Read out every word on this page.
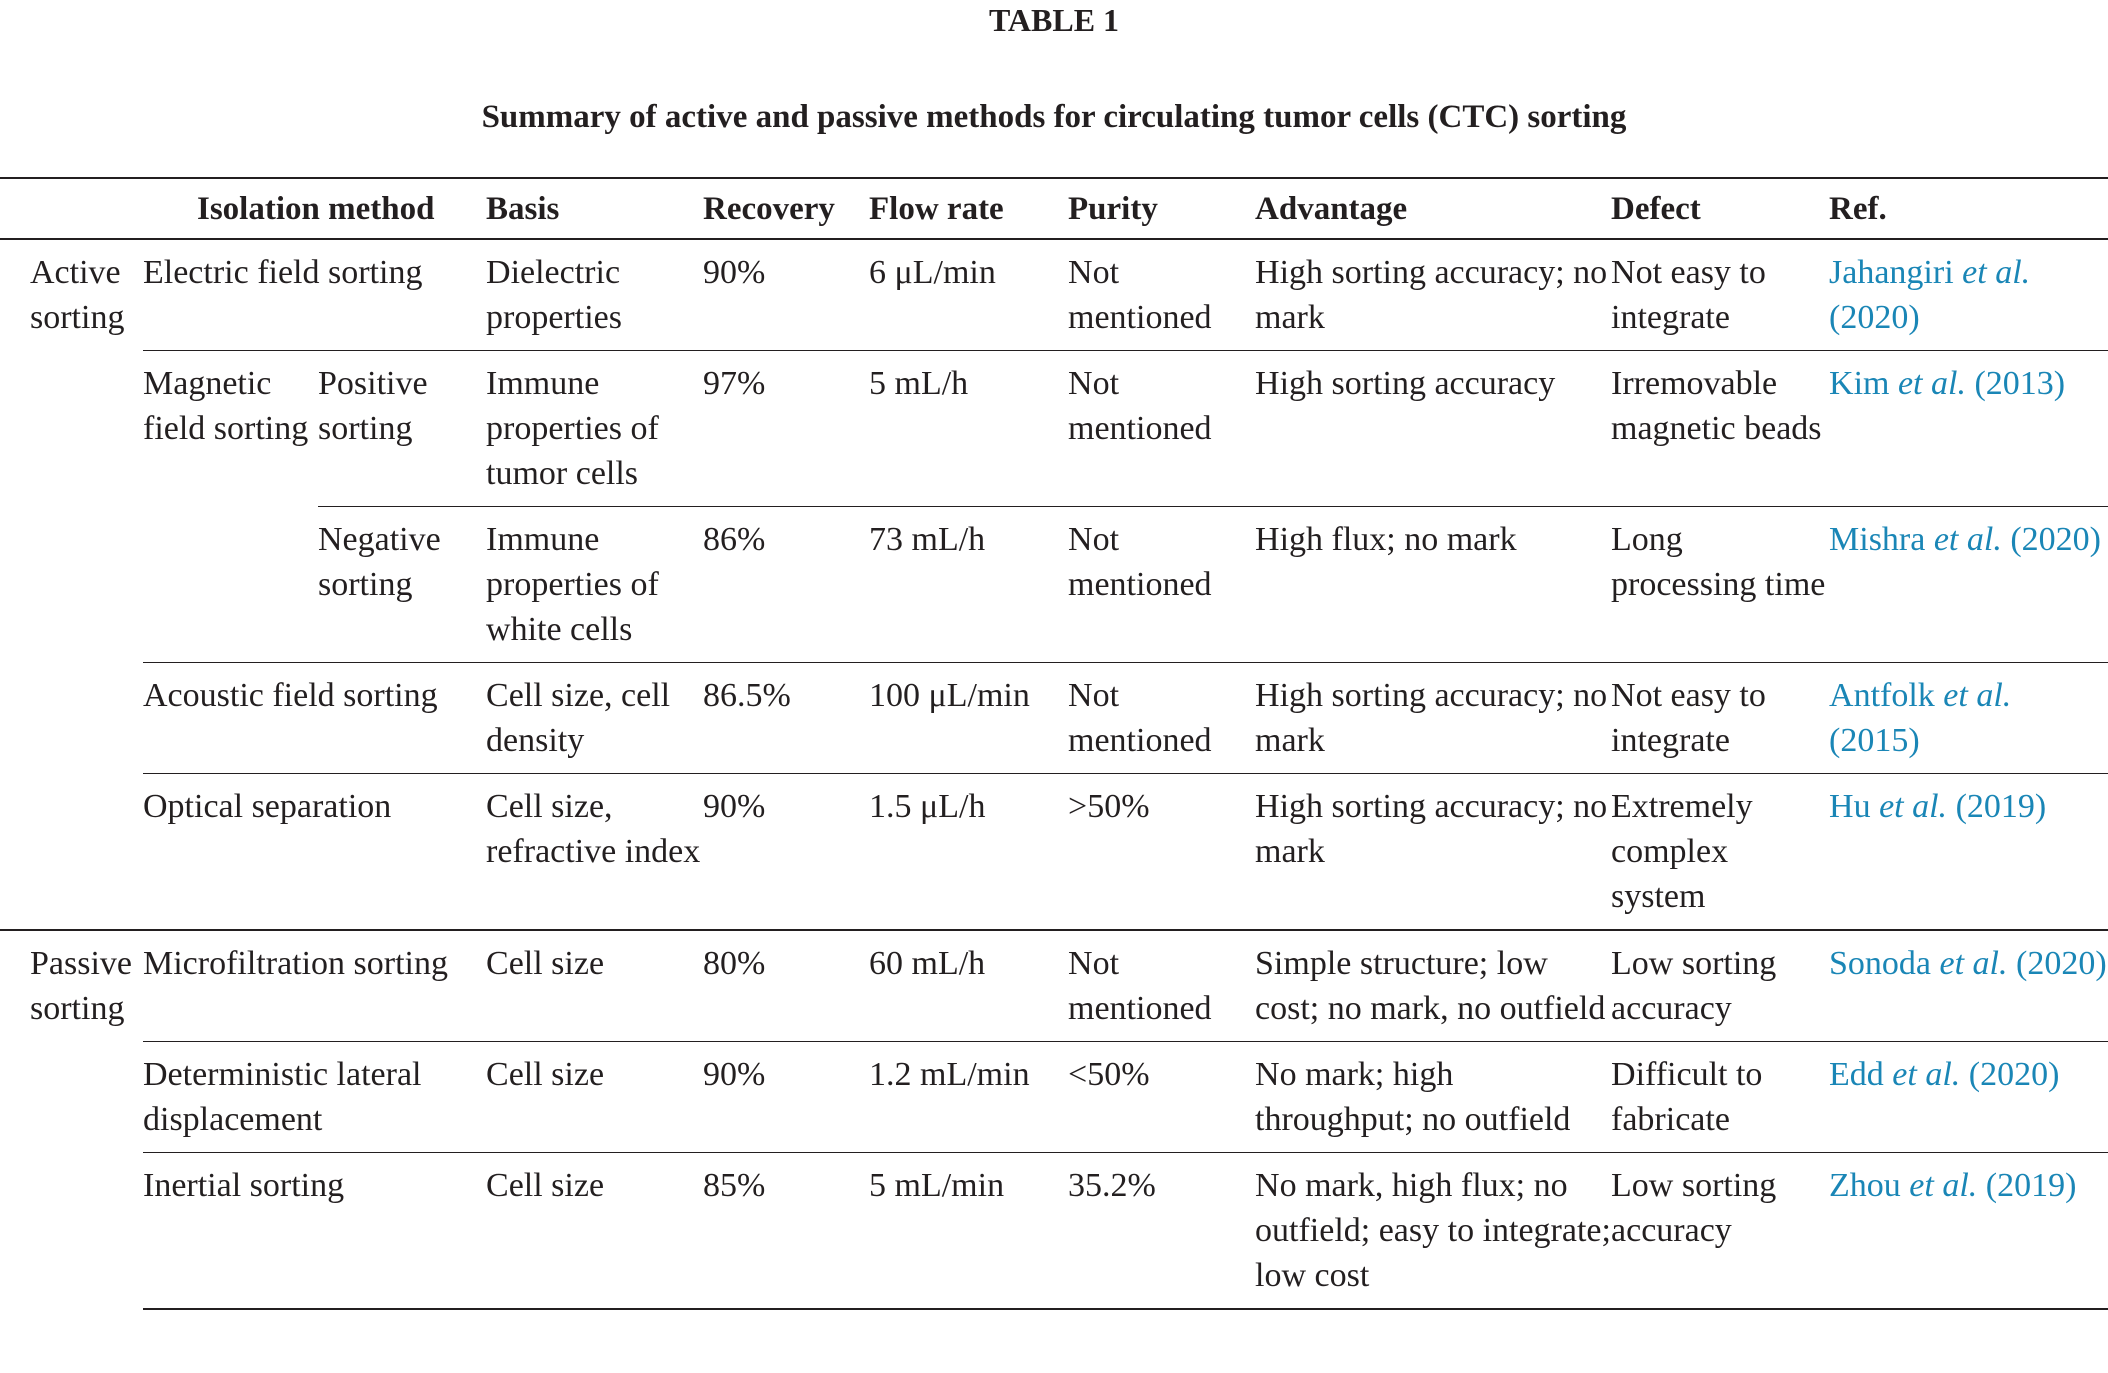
TABLE 1
Summary of active and passive methods for circulating tumor cells (CTC) sorting
	Isolation method		Basis	Recovery	Flow rate	Purity	Advantage	Defect	Ref.
Active sorting	Electric field sorting		Dielectric properties	90%	6 μL/min	Not mentioned	High sorting accuracy; no mark	Not easy to integrate	Jahangiri et al. (2020)
	Magnetic field sorting	Positive sorting	Immune properties of tumor cells	97%	5 mL/h	Not mentioned	High sorting accuracy	Irremovable magnetic beads	Kim et al. (2013)
		Negative sorting	Immune properties of white cells	86%	73 mL/h	Not mentioned	High flux; no mark	Long processing time	Mishra et al. (2020)
	Acoustic field sorting		Cell size, cell density	86.5%	100 μL/min	Not mentioned	High sorting accuracy; no mark	Not easy to integrate	Antfolk et al. (2015)
	Optical separation		Cell size, refractive index	90%	1.5 μL/h	>50%	High sorting accuracy; no mark	Extremely complex system	Hu et al. (2019)
Passive sorting	Microfiltration sorting		Cell size	80%	60 mL/h	Not mentioned	Simple structure; low cost; no mark, no outfield	Low sorting accuracy	Sonoda et al. (2020)
	Deterministic lateral displacement		Cell size	90%	1.2 mL/min	<50%	No mark; high throughput; no outfield	Difficult to fabricate	Edd et al. (2020)
	Inertial sorting		Cell size	85%	5 mL/min	35.2%	No mark, high flux; no outfield; easy to integrate; low cost	Low sorting accuracy	Zhou et al. (2019)
